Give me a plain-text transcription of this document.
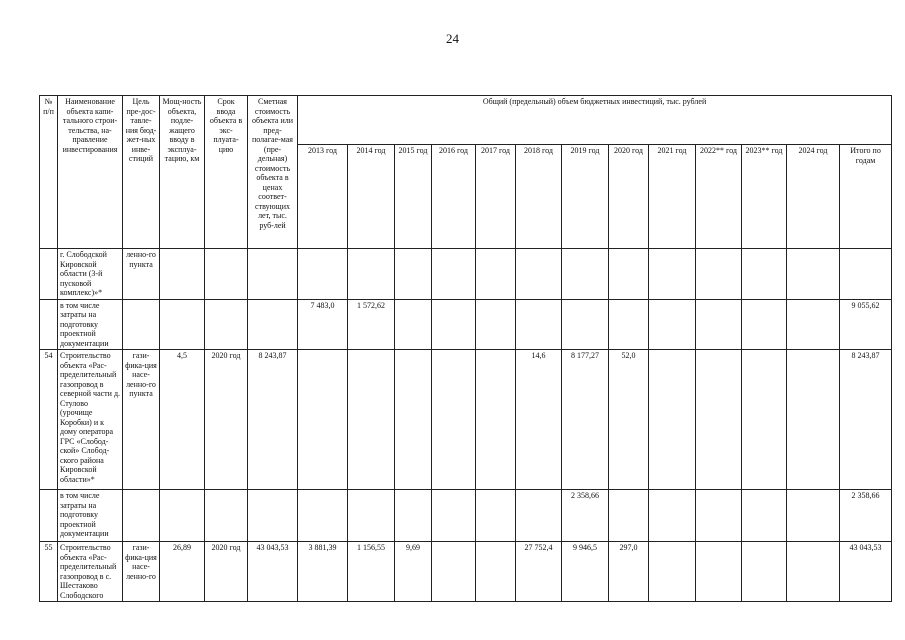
24
№ п/п	Наименование объекта капи-тального строи-тельства, на-правление инвестирования	Цель пре-дос-тавле-ния бюд-жет-ных инве-стиций	Мощ-ность объекта, подле-жащего вводу в эксплуа-тацию, км	Срок ввода объекта в экс-плуата-цию	Сметная стоимость объекта или пред-полагае-мая (пре-дельная) стоимость объекта в ценах соответ-ствующих лет, тыс. руб-лей	Общий (предельный) объем бюджетных инвестиций, тыс. рублей												
						2013 год	2014 год	2015 год	2016 год	2017 год	2018 год	2019 год	2020 год	2021 год	2022** год	2023** год	2024 год	Итого по годам
	г. Слободской Кировской области (3-й пусковой комплекс)»*	ленно-го пункта																
	в том числе затраты на подготовку проектной документации					7 483,0	1 572,62											9 055,62
54	Строительство объекта «Рас-пределительный газопровод в северной части д. Стулово (урочище Коробки) и к дому оператора ГРС «Слобод-ской» Слобод-ского района Кировской области»*	гази-фика-ция насе-ленно-го пункта	4,5	2020 год	8 243,87						14,6	8 177,27	52,0					8 243,87
	в том числе затраты на подготовку проектной документации											2 358,66						2 358,66
55	Строительство объекта «Рас-пределительный газопровод в с. Шестаково Слободского	гази-фика-ция насе-ленно-го	26,89	2020 год	43 043,53	3 881,39	1 156,55	9,69			27 752,4	9 946,5	297,0					43 043,53
